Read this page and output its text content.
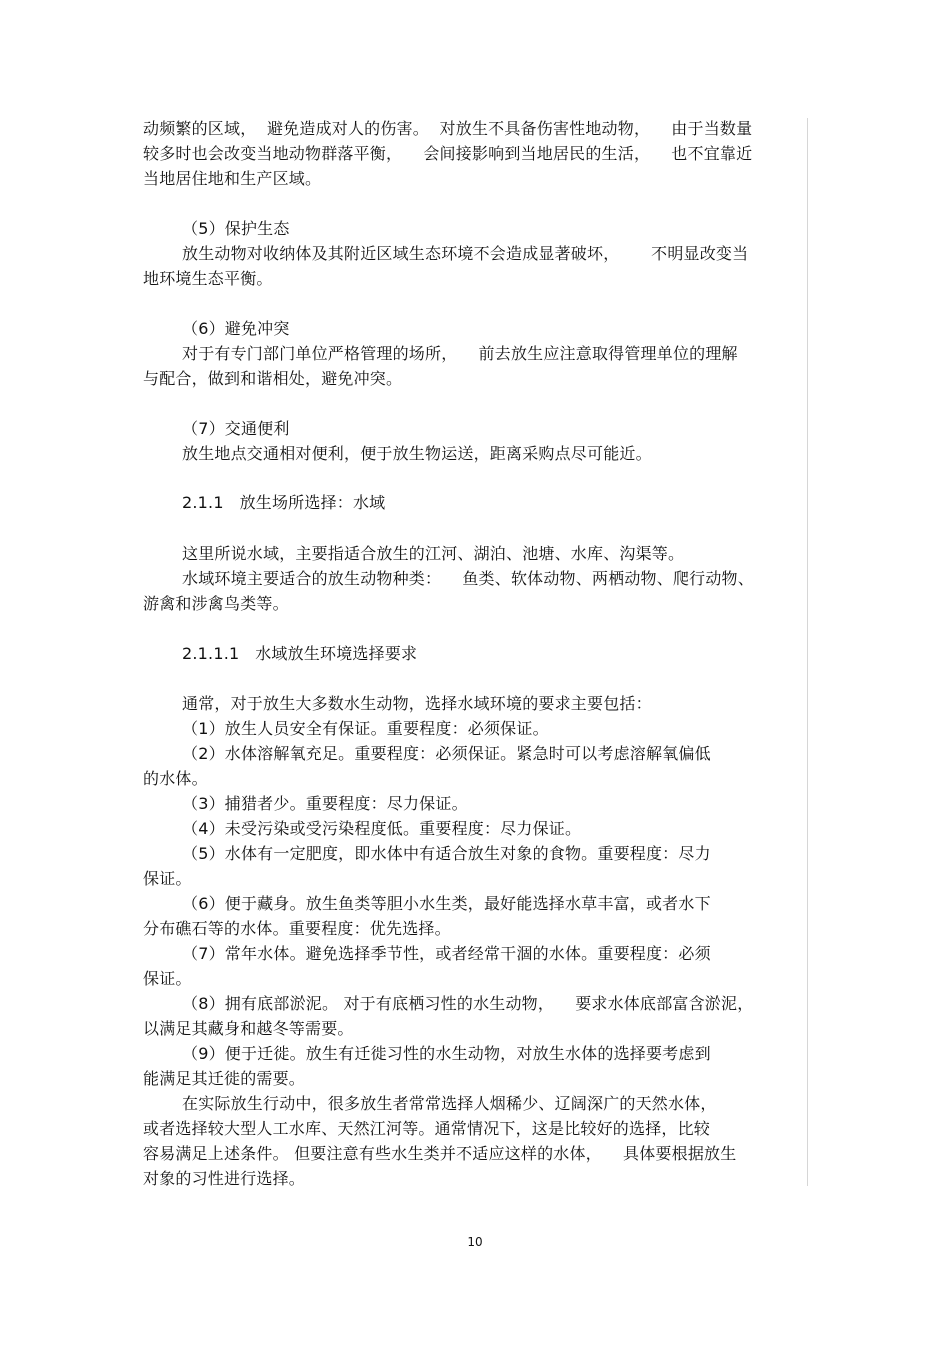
动频繁的区域，  避免造成对人的伤害。  对放生不具备伤害性地动物，    由于当数量
较多时也会改变当地动物群落平衡，    会间接影响到当地居民的生活，    也不宜靠近
当地居住地和生产区域。
（5）保护生态
放生动物对收纳体及其附近区域生态环境不会造成显著破坏，      不明显改变当
地环境生态平衡。
（6）避免冲突
对于有专门部门单位严格管理的场所，    前去放生应注意取得管理单位的理解
与配合，做到和谐相处，避免冲突。
（7）交通便利
放生地点交通相对便利，便于放生物运送，距离采购点尽可能近。
2.1.1   放生场所选择：水域
这里所说水域，主要指适合放生的江河、湖泊、池塘、水库、沟渠等。
水域环境主要适合的放生动物种类：    鱼类、软体动物、两栖动物、爬行动物、
游禽和涉禽鸟类等。
2.1.1.1   水域放生环境选择要求
通常，对于放生大多数水生动物，选择水域环境的要求主要包括：
（1）放生人员安全有保证。重要程度：必须保证。
（2）水体溶解氧充足。重要程度：必须保证。紧急时可以考虑溶解氧偏低
的水体。
（3）捕猎者少。重要程度：尽力保证。
（4）未受污染或受污染程度低。重要程度：尽力保证。
（5）水体有一定肥度，即水体中有适合放生对象的食物。重要程度：尽力
保证。
（6）便于藏身。放生鱼类等胆小水生类，最好能选择水草丰富，或者水下
分布礁石等的水体。重要程度：优先选择。
（7）常年水体。避免选择季节性，或者经常干涸的水体。重要程度：必须
保证。
（8）拥有底部淤泥。 对于有底栖习性的水生动物，    要求水体底部富含淤泥，
以满足其藏身和越冬等需要。
（9）便于迁徙。放生有迁徙习性的水生动物，对放生水体的选择要考虑到
能满足其迁徙的需要。
在实际放生行动中，很多放生者常常选择人烟稀少、辽阔深广的天然水体，
或者选择较大型人工水库、天然江河等。通常情况下，这是比较好的选择，比较
容易满足上述条件。 但要注意有些水生类并不适应这样的水体，    具体要根据放生
对象的习性进行选择。
10
